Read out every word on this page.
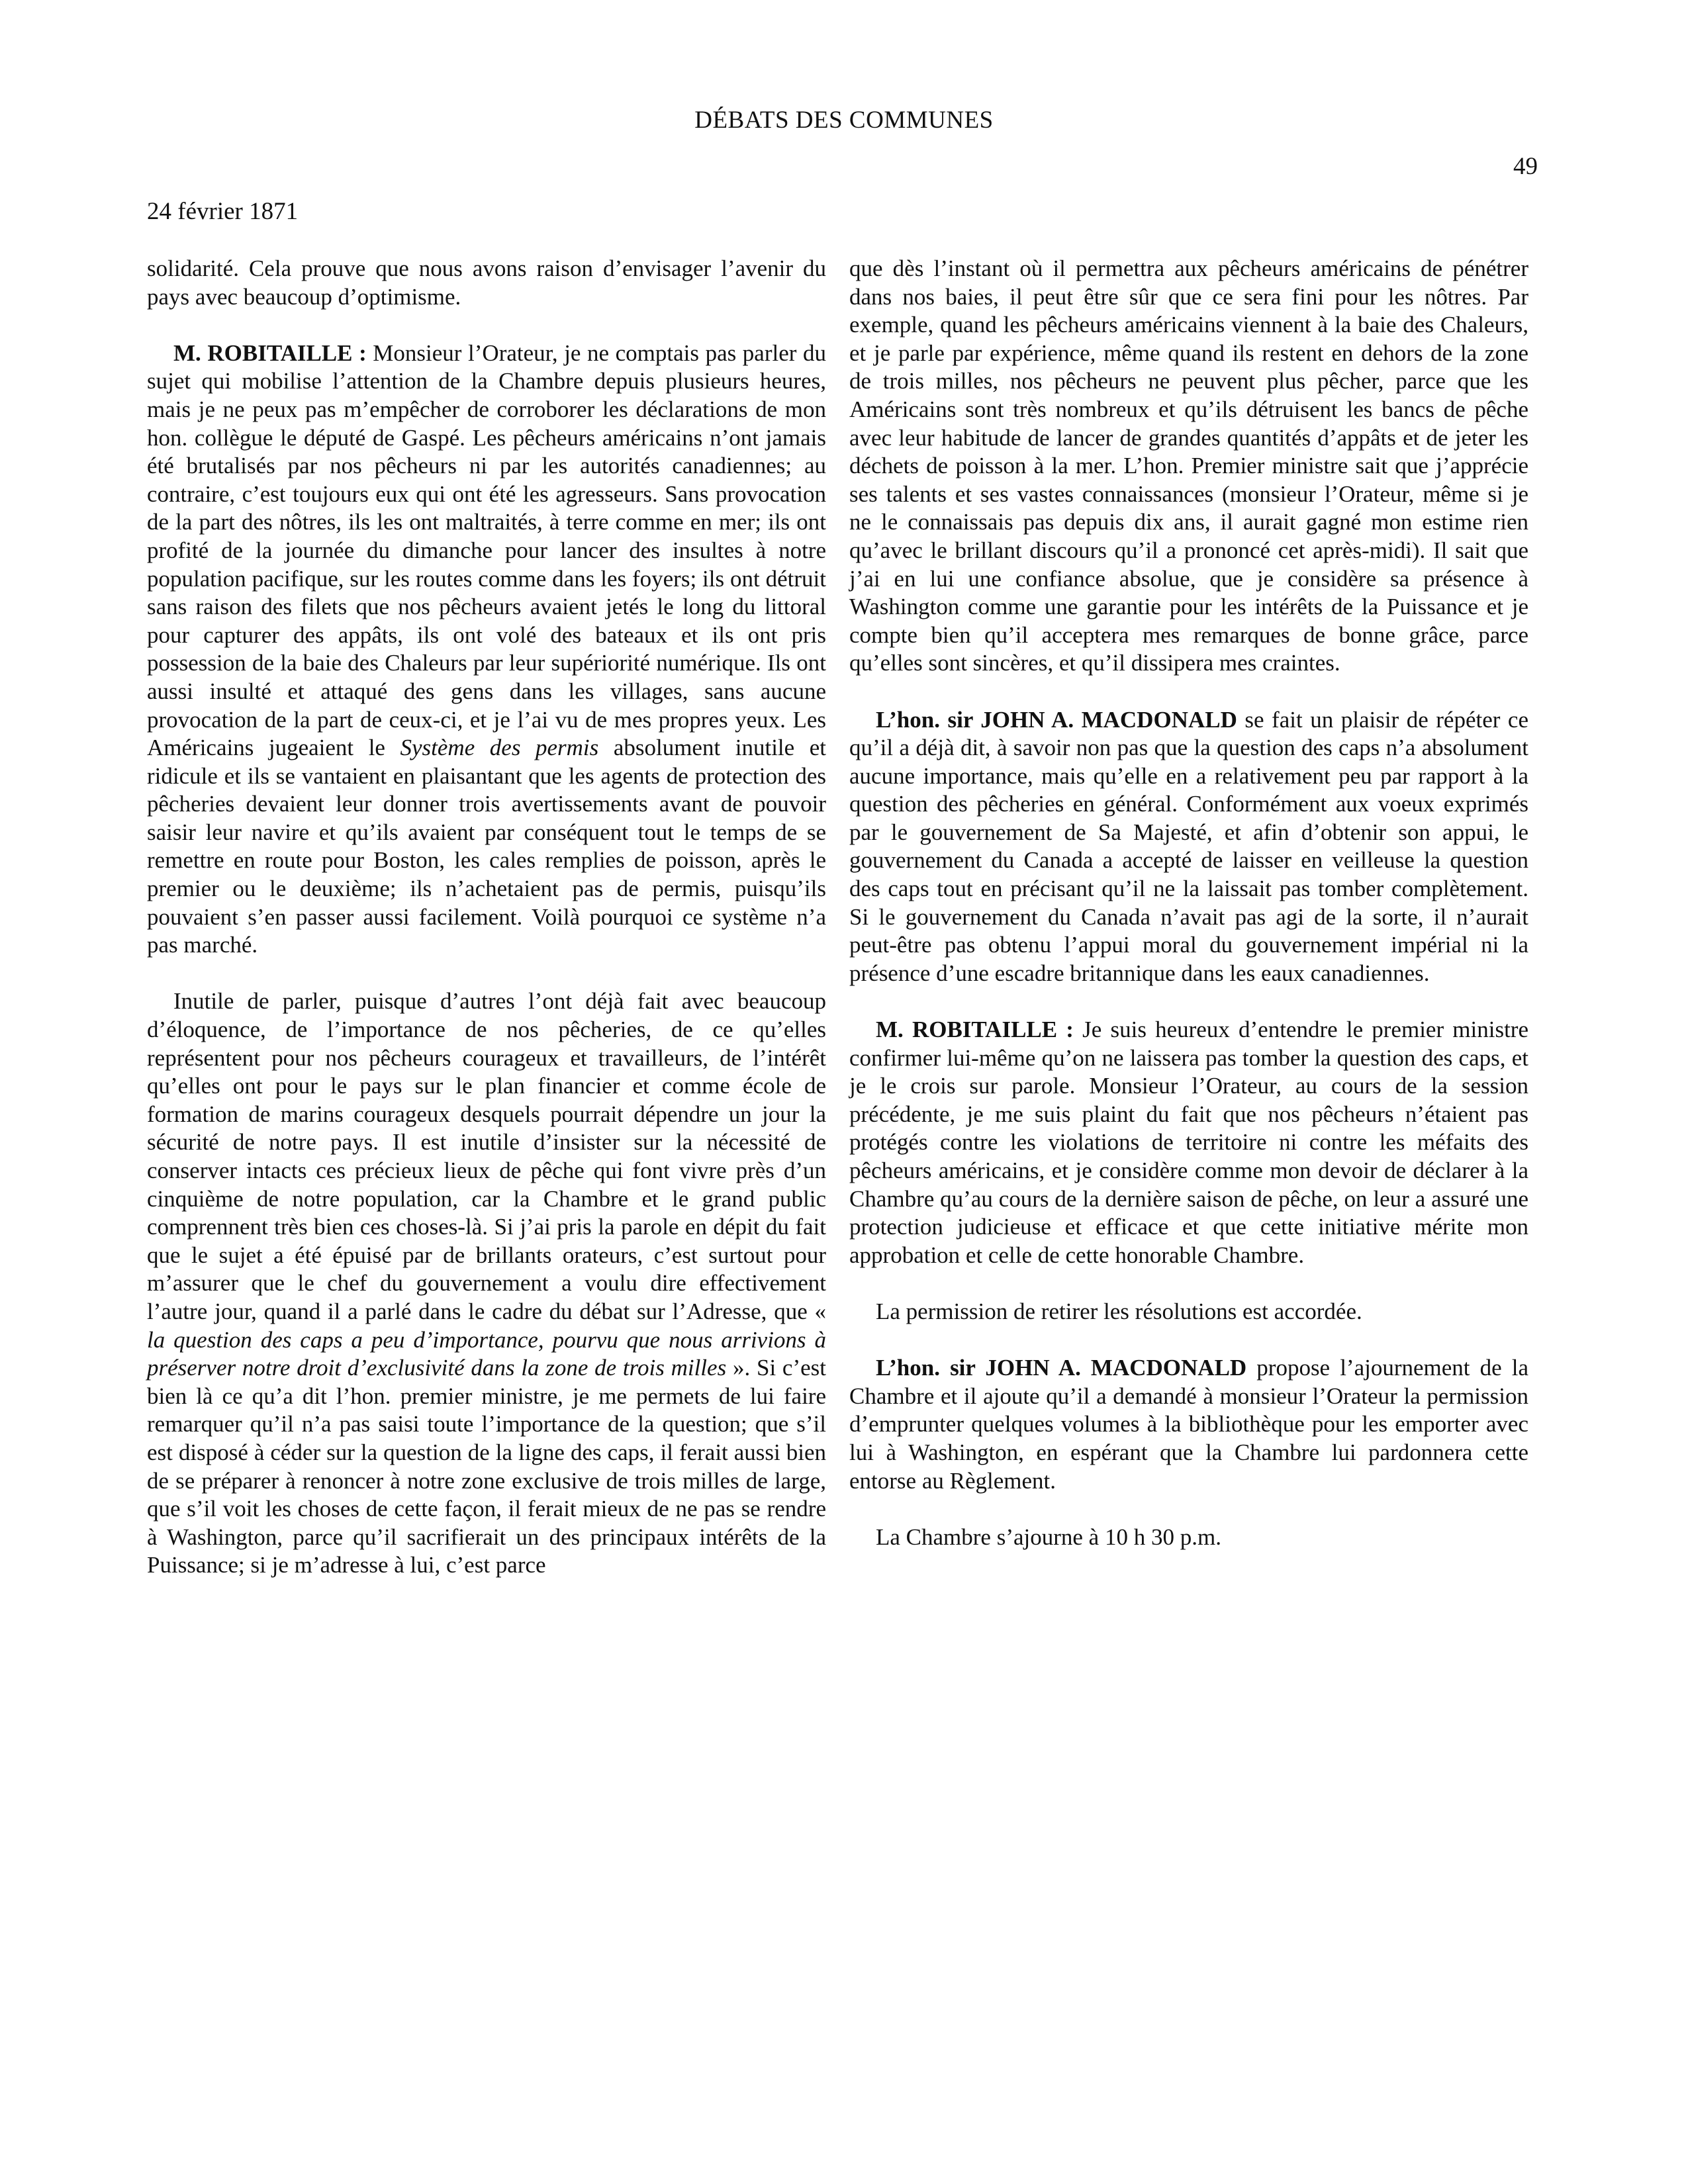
DÉBATS DES COMMUNES
49
24 février 1871

solidarité. Cela prouve que nous avons raison d’envisager l’avenir du pays avec beaucoup d’optimisme.

M. ROBITAILLE : Monsieur l’Orateur, je ne comptais pas parler du sujet qui mobilise l’attention de la Chambre depuis plusieurs heures, mais je ne peux pas m’empêcher de corroborer les déclarations de mon hon. collègue le député de Gaspé. Les pêcheurs américains n’ont jamais été brutalisés par nos pêcheurs ni par les autorités canadiennes; au contraire, c’est toujours eux qui ont été les agresseurs. Sans provocation de la part des nôtres, ils les ont maltraités, à terre comme en mer; ils ont profité de la journée du dimanche pour lancer des insultes à notre population pacifique, sur les routes comme dans les foyers; ils ont détruit sans raison des filets que nos pêcheurs avaient jetés le long du littoral pour capturer des appâts, ils ont volé des bateaux et ils ont pris possession de la baie des Chaleurs par leur supériorité numérique. Ils ont aussi insulté et attaqué des gens dans les villages, sans aucune provocation de la part de ceux-ci, et je l’ai vu de mes propres yeux. Les Américains jugeaient le Système des permis absolument inutile et ridicule et ils se vantaient en plaisantant que les agents de protection des pêcheries devaient leur donner trois avertissements avant de pouvoir saisir leur navire et qu’ils avaient par conséquent tout le temps de se remettre en route pour Boston, les cales remplies de poisson, après le premier ou le deuxième; ils n’achetaient pas de permis, puisqu’ils pouvaient s’en passer aussi facilement. Voilà pourquoi ce système n’a pas marché.

Inutile de parler, puisque d’autres l’ont déjà fait avec beaucoup d’éloquence, de l’importance de nos pêcheries, de ce qu’elles représentent pour nos pêcheurs courageux et travailleurs, de l’intérêt qu’elles ont pour le pays sur le plan financier et comme école de formation de marins courageux desquels pourrait dépendre un jour la sécurité de notre pays. Il est inutile d’insister sur la nécessité de conserver intacts ces précieux lieux de pêche qui font vivre près d’un cinquième de notre population, car la Chambre et le grand public comprennent très bien ces choses-là. Si j’ai pris la parole en dépit du fait que le sujet a été épuisé par de brillants orateurs, c’est surtout pour m’assurer que le chef du gouvernement a voulu dire effectivement l’autre jour, quand il a parlé dans le cadre du débat sur l’Adresse, que « la question des caps a peu d’importance, pourvu que nous arrivions à préserver notre droit d’exclusivité dans la zone de trois milles ». Si c’est bien là ce qu’a dit l’hon. premier ministre, je me permets de lui faire remarquer qu’il n’a pas saisi toute l’importance de la question; que s’il est disposé à céder sur la question de la ligne des caps, il ferait aussi bien de se préparer à renoncer à notre zone exclusive de trois milles de large, que s’il voit les choses de cette façon, il ferait mieux de ne pas se rendre à Washington, parce qu’il sacrifierait un des principaux intérêts de la Puissance; si je m’adresse à lui, c’est parce

que dès l’instant où il permettra aux pêcheurs américains de pénétrer dans nos baies, il peut être sûr que ce sera fini pour les nôtres. Par exemple, quand les pêcheurs américains viennent à la baie des Chaleurs, et je parle par expérience, même quand ils restent en dehors de la zone de trois milles, nos pêcheurs ne peuvent plus pêcher, parce que les Américains sont très nombreux et qu’ils détruisent les bancs de pêche avec leur habitude de lancer de grandes quantités d’appâts et de jeter les déchets de poisson à la mer. L’hon. Premier ministre sait que j’apprécie ses talents et ses vastes connaissances (monsieur l’Orateur, même si je ne le connaissais pas depuis dix ans, il aurait gagné mon estime rien qu’avec le brillant discours qu’il a prononcé cet après-midi). Il sait que j’ai en lui une confiance absolue, que je considère sa présence à Washington comme une garantie pour les intérêts de la Puissance et je compte bien qu’il acceptera mes remarques de bonne grâce, parce qu’elles sont sincères, et qu’il dissipera mes craintes.

L’hon. sir JOHN A. MACDONALD se fait un plaisir de répéter ce qu’il a déjà dit, à savoir non pas que la question des caps n’a absolument aucune importance, mais qu’elle en a relativement peu par rapport à la question des pêcheries en général. Conformément aux voeux exprimés par le gouvernement de Sa Majesté, et afin d’obtenir son appui, le gouvernement du Canada a accepté de laisser en veilleuse la question des caps tout en précisant qu’il ne la laissait pas tomber complètement. Si le gouvernement du Canada n’avait pas agi de la sorte, il n’aurait peut-être pas obtenu l’appui moral du gouvernement impérial ni la présence d’une escadre britannique dans les eaux canadiennes.

M. ROBITAILLE : Je suis heureux d’entendre le premier ministre confirmer lui-même qu’on ne laissera pas tomber la question des caps, et je le crois sur parole. Monsieur l’Orateur, au cours de la session précédente, je me suis plaint du fait que nos pêcheurs n’étaient pas protégés contre les violations de territoire ni contre les méfaits des pêcheurs américains, et je considère comme mon devoir de déclarer à la Chambre qu’au cours de la dernière saison de pêche, on leur a assuré une protection judicieuse et efficace et que cette initiative mérite mon approbation et celle de cette honorable Chambre.

La permission de retirer les résolutions est accordée.

L’hon. sir JOHN A. MACDONALD propose l’ajournement de la Chambre et il ajoute qu’il a demandé à monsieur l’Orateur la permission d’emprunter quelques volumes à la bibliothèque pour les emporter avec lui à Washington, en espérant que la Chambre lui pardonnera cette entorse au Règlement.

La Chambre s’ajourne à 10 h 30 p.m.
